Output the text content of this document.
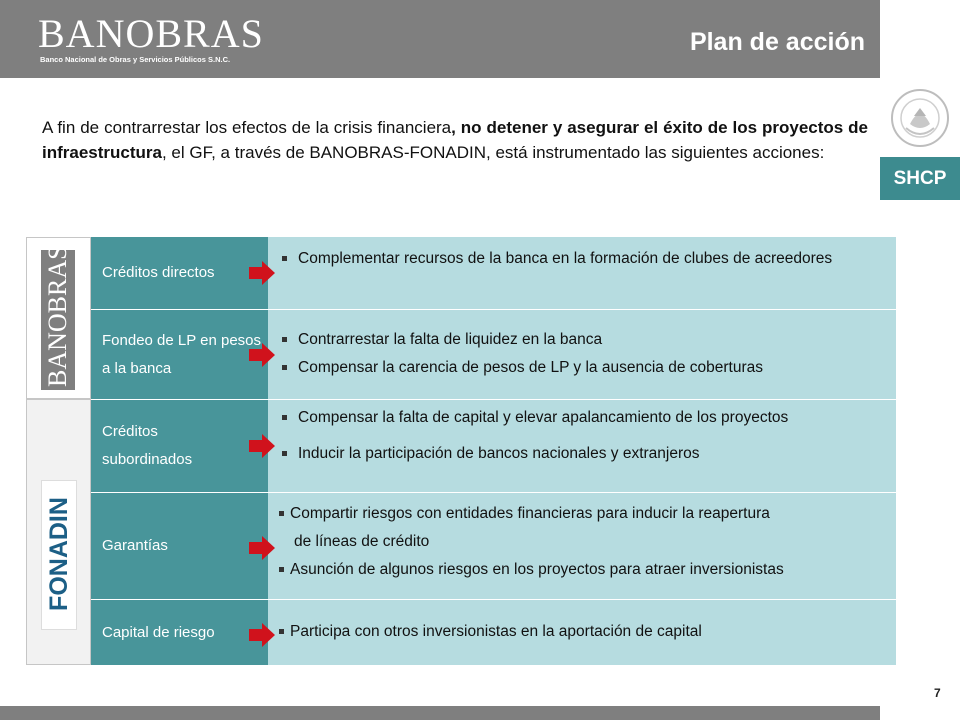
BANOBRAS
Banco Nacional de Obras y Servicios Públicos S.N.C.
Plan de acción
SHCP
A fin de contrarrestar los efectos de la crisis financiera, no detener y asegurar el éxito de los proyectos de infraestructura, el GF, a través de BANOBRAS-FONADIN, está instrumentado las siguientes acciones:
BANOBRAS
FONADIN
Créditos directos
Complementar recursos de la banca en la formación de clubes de acreedores
Fondeo de LP en pesos a la banca
Contrarrestar la falta de liquidez en la banca
Compensar la carencia de pesos de LP y la ausencia de coberturas
Créditos subordinados
Compensar la falta de capital y elevar apalancamiento de los proyectos
Inducir la participación de bancos nacionales y extranjeros
Garantías
Compartir riesgos con entidades financieras para inducir la reapertura
de líneas de crédito
Asunción de algunos riesgos en los proyectos para atraer inversionistas
Capital de riesgo	Participa con otros inversionistas en la aportación de capital
7
